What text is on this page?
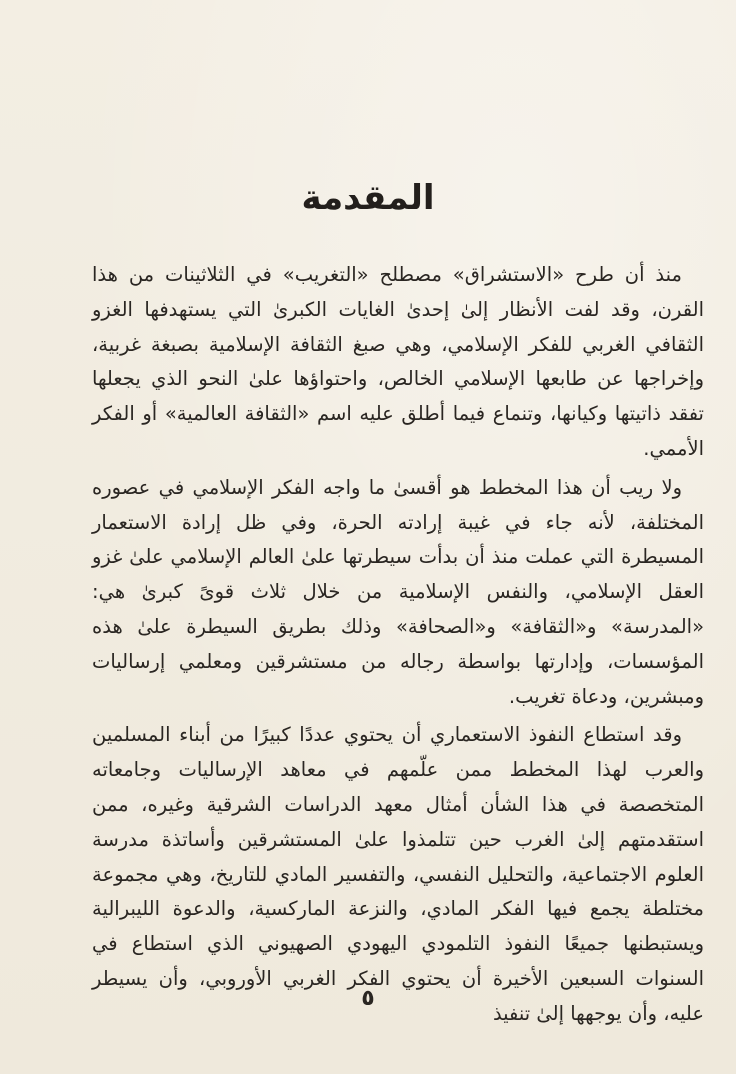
المقدمة

منذ أن طرح «الاستشراق» مصطلح «التغريب» في الثلاثينات من هذا القرن، وقد لفت الأنظار إلىٰ إحدىٰ الغايات الكبرىٰ التي يستهدفها الغزو الثقافي الغربي للفكر الإسلامي، وهي صبغ الثقافة الإسلامية بصبغة غربية، وإخراجها عن طابعها الإسلامي الخالص، واحتواؤها علىٰ النحو الذي يجعلها تفقد ذاتيتها وكيانها، وتنماع فيما أطلق عليه اسم «الثقافة العالمية» أو الفكر الأممي.

ولا ريب أن هذا المخطط هو أقسىٰ ما واجه الفكر الإسلامي في عصوره المختلفة، لأنه جاء في غيبة إرادته الحرة، وفي ظل إرادة الاستعمار المسيطرة التي عملت منذ أن بدأت سيطرتها علىٰ العالم الإسلامي علىٰ غزو العقل الإسلامي، والنفس الإسلامية من خلال ثلاث قوىً كبرىٰ هي: «المدرسة» و«الثقافة» و«الصحافة» وذلك بطريق السيطرة علىٰ هذه المؤسسات، وإدارتها بواسطة رجاله من مستشرقين ومعلمي إرساليات ومبشرين، ودعاة تغريب.

وقد استطاع النفوذ الاستعماري أن يحتوي عددًا كبيرًا من أبناء المسلمين والعرب لهذا المخطط ممن علّمهم في معاهد الإرساليات وجامعاته المتخصصة في هذا الشأن أمثال معهد الدراسات الشرقية وغيره، ممن استقدمتهم إلىٰ الغرب حين تتلمذوا علىٰ المستشرقين وأساتذة مدرسة العلوم الاجتماعية، والتحليل النفسي، والتفسير المادي للتاريخ، وهي مجموعة مختلطة يجمع فيها الفكر المادي، والنزعة الماركسية، والدعوة الليبرالية ويستبطنها جميعًا النفوذ التلمودي اليهودي الصهيوني الذي استطاع في السنوات السبعين الأخيرة أن يحتوي الفكر الغربي الأوروبي، وأن يسيطر عليه، وأن يوجهها إلىٰ تنفيذ

٥
